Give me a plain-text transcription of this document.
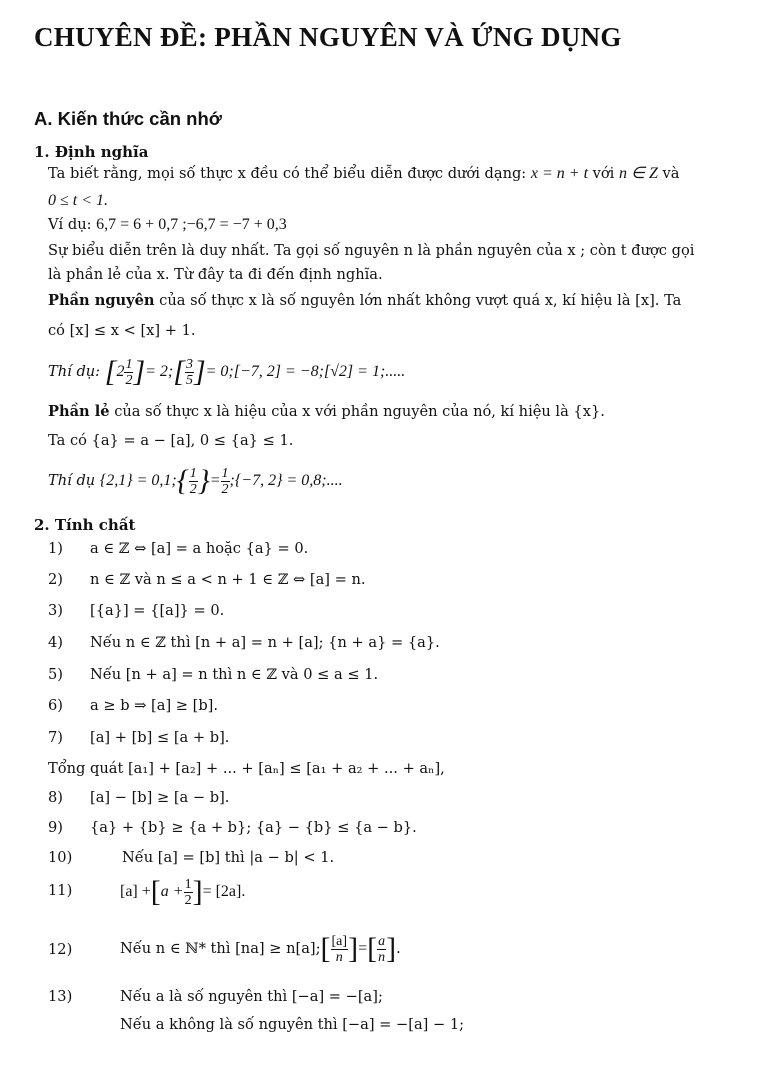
CHUYÊN ĐỀ: PHẦN NGUYÊN VÀ ỨNG DỤNG
A. Kiến thức cần nhớ
1. Định nghĩa
Ta biết rằng, mọi số thực x đều có thể biểu diễn được dưới dạng: x = n + t với n ∈ Z và
0 ≤ t < 1.
Ví dụ: 6,7 = 6 + 0,7 ;−6,7 = −7 + 0,3
Sự biểu diễn trên là duy nhất. Ta gọi số nguyên n là phần nguyên của x ; còn t được gọi
là phần lẻ của x. Từ đây ta đi đến định nghĩa.
Phần nguyên của số thực x là số nguyên lớn nhất không vượt quá x, kí hiệu là [x]. Ta
có [x] ≤ x < [x] + 1.
Thí dụ: [$2 \frac{1}{2}$ ]= 2;[ $\frac{3}{5}$ ]= 0;[−7, 2] = −8;[√2] = 1;.....
Phần lẻ của số thực x là hiệu của x với phần nguyên của nó, kí hiệu là {x}.
Ta có {a} = a − [a], 0 ≤ {a} ≤ 1.
Thí dụ {2,1} = 0,1;{ $\frac{1}{2}$ }= $\frac{1}{2}$ ;{−7, 2} = 0,8;....
2. Tính chất
1) a ∈ ℤ ⇔ [a] = a hoặc {a} = 0.
2) n ∈ ℤ và n ≤ a < n + 1 ∈ ℤ ⇔ [a] = n.
3) [{a}] = {[a]} = 0.
4) Nếu n ∈ ℤ thì [n + a] = n + [a]; {n + a} = {a}.
5) Nếu [n + a] = n thì n ∈ ℤ và 0 ≤ a ≤ 1.
6) a ≥ b ⇒ [a] ≥ [b].
7) [a] + [b] ≤ [a + b].
Tổng quát [a₁] + [a₂] + ... + [aₙ] ≤ [a₁ + a₂ + ... + aₙ],
8) [a] − [b] ≥ [a − b].
9) {a} + {b} ≥ {a + b}; {a} − {b} ≤ {a − b}.
10)	Nếu [a] = [b] thì |a − b| < 1.
11)	$[a] +[a + \frac{1}{2}$ ]= [2a].
12)	Nếu n ∈ ℕ* thì [na] ≥ n[a];[ $\frac{[a]}{n}$ ]=[ $\frac{a}{n}$ ].
13)	Nếu a là số nguyên thì [−a] = −[a];
Nếu a không là số nguyên thì [−a] = −[a] − 1;
